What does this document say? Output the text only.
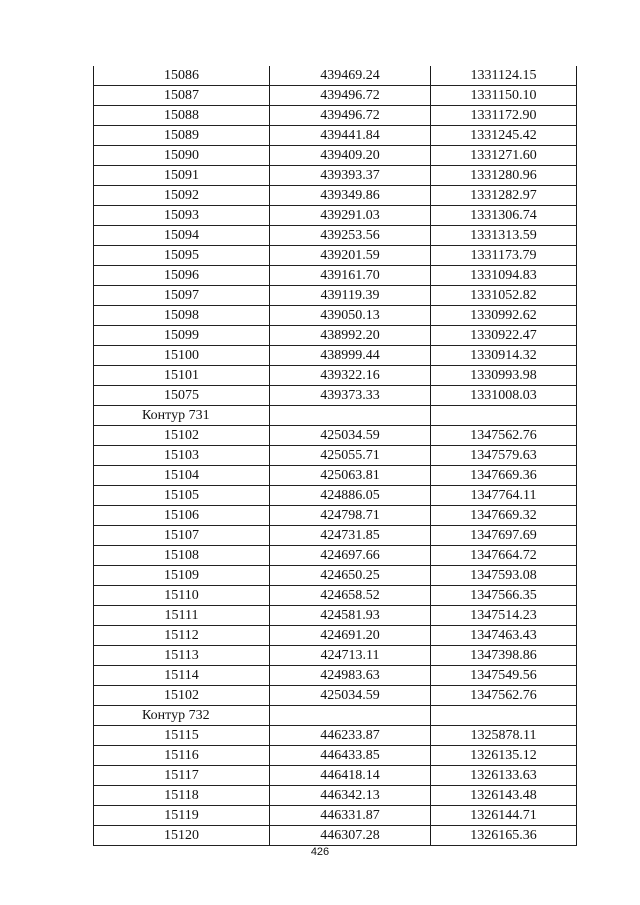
15086	439469.24	1331124.15
15087	439496.72	1331150.10
15088	439496.72	1331172.90
15089	439441.84	1331245.42
15090	439409.20	1331271.60
15091	439393.37	1331280.96
15092	439349.86	1331282.97
15093	439291.03	1331306.74
15094	439253.56	1331313.59
15095	439201.59	1331173.79
15096	439161.70	1331094.83
15097	439119.39	1331052.82
15098	439050.13	1330992.62
15099	438992.20	1330922.47
15100	438999.44	1330914.32
15101	439322.16	1330993.98
15075	439373.33	1331008.03
Контур 731		
15102	425034.59	1347562.76
15103	425055.71	1347579.63
15104	425063.81	1347669.36
15105	424886.05	1347764.11
15106	424798.71	1347669.32
15107	424731.85	1347697.69
15108	424697.66	1347664.72
15109	424650.25	1347593.08
15110	424658.52	1347566.35
15111	424581.93	1347514.23
15112	424691.20	1347463.43
15113	424713.11	1347398.86
15114	424983.63	1347549.56
15102	425034.59	1347562.76
Контур 732		
15115	446233.87	1325878.11
15116	446433.85	1326135.12
15117	446418.14	1326133.63
15118	446342.13	1326143.48
15119	446331.87	1326144.71
15120	446307.28	1326165.36
426
